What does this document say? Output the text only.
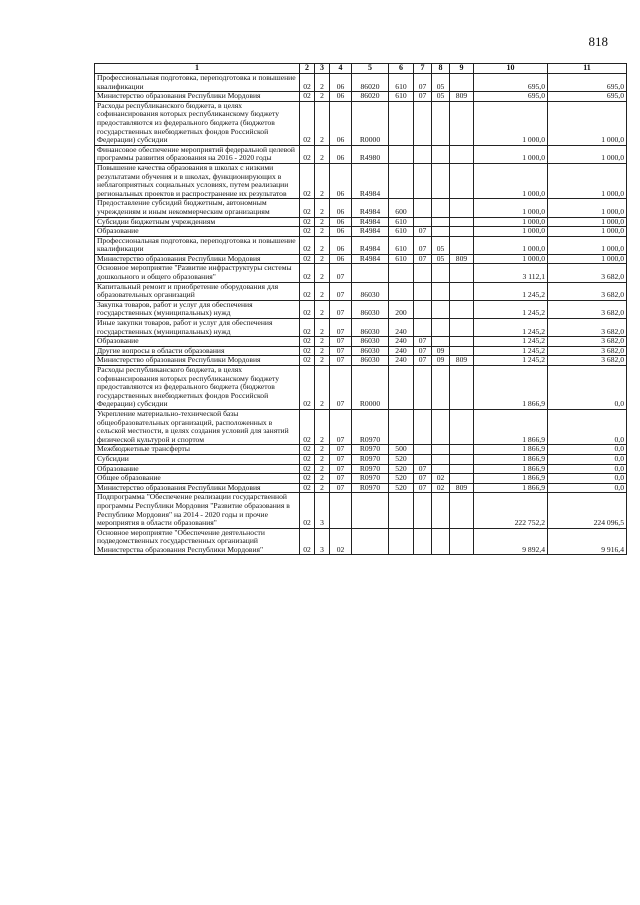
818
1	2	3	4	5	6	7	8	9	10	11
Профессиональная подготовка, переподготовка и повышение квалификации	02	2	06	86020	610	07	05		695,0	695,0
Министерство образования Республики Мордовия	02	2	06	86020	610	07	05	809	695,0	695,0
Расходы республиканского бюджета, в целях софинансирования которых республиканскому бюджету предоставляются из федерального бюджета (бюджетов государственных внебюджетных фондов Российской Федерации) субсидии	02	2	06	R0000					1 000,0	1 000,0
Финансовое обеспечение мероприятий федеральной целевой программы развития образования на 2016 - 2020 годы	02	2	06	R4980					1 000,0	1 000,0
Повышение качества образования в школах с низкими результатами обучения и в школах, функционирующих в неблагоприятных социальных условиях, путем реализации региональных проектов и распространение их результатов	02	2	06	R4984					1 000,0	1 000,0
Предоставление субсидий бюджетным, автономным учреждениям и иным некоммерческим организациям	02	2	06	R4984	600				1 000,0	1 000,0
Субсидии бюджетным учреждениям	02	2	06	R4984	610				1 000,0	1 000,0
Образование	02	2	06	R4984	610	07			1 000,0	1 000,0
Профессиональная подготовка, переподготовка и повышение квалификации	02	2	06	R4984	610	07	05		1 000,0	1 000,0
Министерство образования Республики Мордовия	02	2	06	R4984	610	07	05	809	1 000,0	1 000,0
Основное мероприятие "Развитие инфраструктуры системы дошкольного и общего образования"	02	2	07						3 112,1	3 682,0
Капитальный ремонт и приобретение оборудования для образовательных организаций	02	2	07	86030					1 245,2	3 682,0
Закупка товаров, работ и услуг для обеспечения государственных (муниципальных) нужд	02	2	07	86030	200				1 245,2	3 682,0
Иные закупки товаров, работ и услуг для обеспечения государственных (муниципальных) нужд	02	2	07	86030	240				1 245,2	3 682,0
Образование	02	2	07	86030	240	07			1 245,2	3 682,0
Другие вопросы в области образования	02	2	07	86030	240	07	09		1 245,2	3 682,0
Министерство образования Республики Мордовия	02	2	07	86030	240	07	09	809	1 245,2	3 682,0
Расходы республиканского бюджета, в целях софинансирования которых республиканскому бюджету предоставляются из федерального бюджета (бюджетов государственных внебюджетных фондов Российской Федерации) субсидии	02	2	07	R0000					1 866,9	0,0
Укрепление материально-технической базы общеобразовательных организаций, расположенных в сельской местности, в целях создания условий для занятий физической культурой и спортом	02	2	07	R0970					1 866,9	0,0
Межбюджетные трансферты	02	2	07	R0970	500				1 866,9	0,0
Субсидии	02	2	07	R0970	520				1 866,9	0,0
Образование	02	2	07	R0970	520	07			1 866,9	0,0
Общее образование	02	2	07	R0970	520	07	02		1 866,9	0,0
Министерство образования Республики Мордовия	02	2	07	R0970	520	07	02	809	1 866,9	0,0
Подпрограмма "Обеспечение реализации государственной программы Республики Мордовия "Развитие образования в Республике Мордовия" на 2014 - 2020 годы и прочие мероприятия в области образования"	02	3							222 752,2	224 096,5
Основное мероприятие "Обеспечение деятельности подведомственных государственных организаций Министерства образования Республики Мордовия"	02	3	02						9 892,4	9 916,4
